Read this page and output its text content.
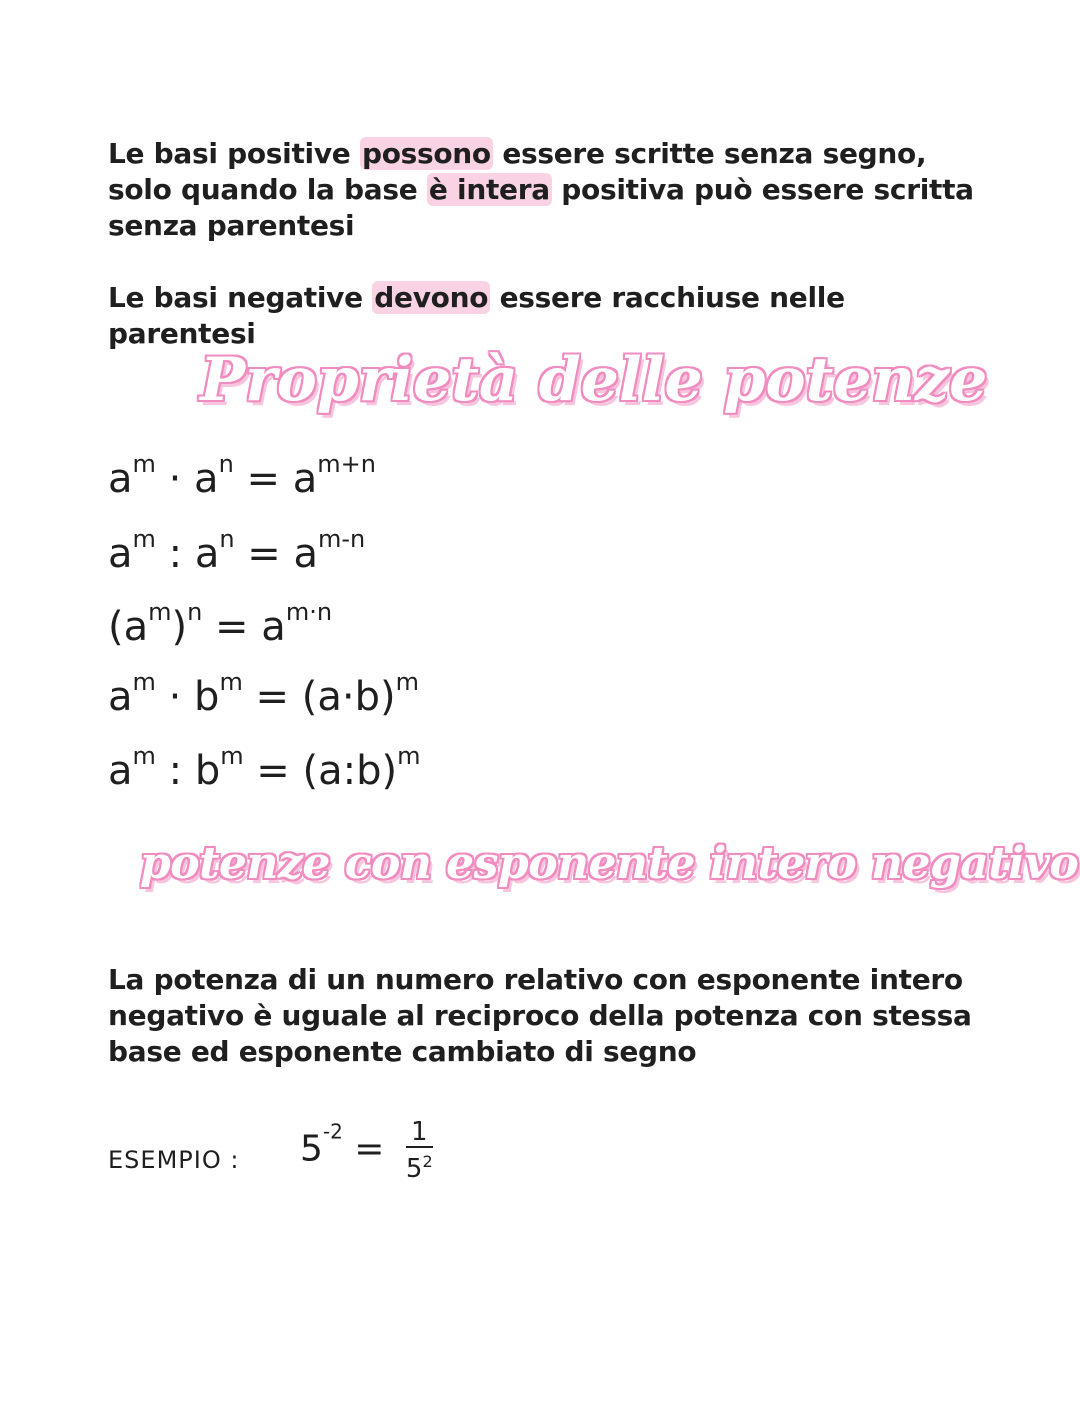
Le basi positive possono essere scritte senza segno, solo quando la base è intera positiva può essere scritta senza parentesi
Le basi negative devono essere racchiuse nelle parentesi
Proprietà delle potenze
$a^m \cdot a^n = a^{m+n}$
$a^m$ : $a^n = a^{m-n}$
$(a^m)^n = a^{m\cdot n}$
$a^m \cdot b^m = (a\cdot b)^m$
$a^m$ : $b^m$ = (a:b)$^m$
potenze con esponente intero negativo
La potenza di un numero relativo con esponente intero negativo è uguale al reciproco della potenza con stessa base ed esponente cambiato di segno
ESEMPIO : $5^{-2} = \frac{1}{5^2}$
